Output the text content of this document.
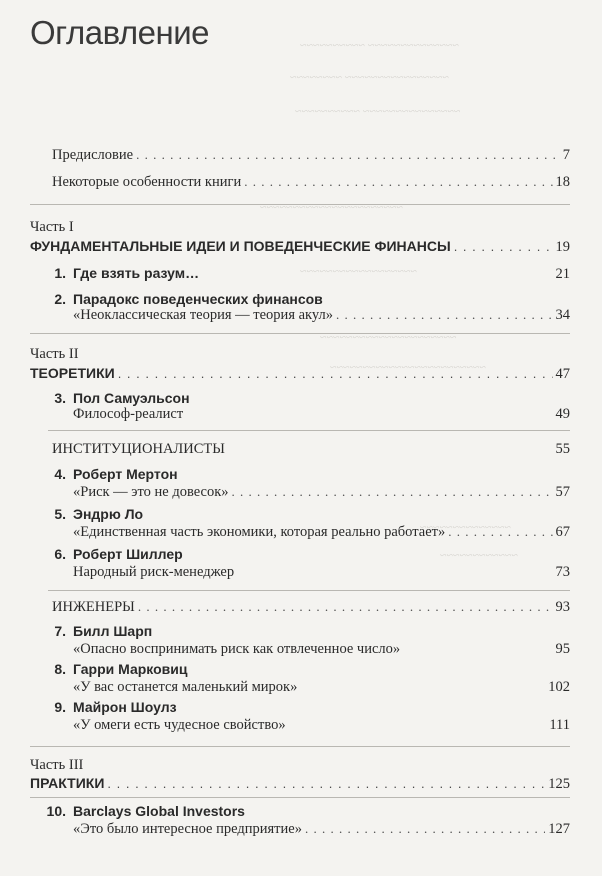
~~~~~~~~~~~~~~ ~~~~~~~~~~
~~~~~~~~~~~~~~~~ ~~~~~~~~
~~~~~~~~~~~~~~~ ~~~~~~~~~~
~~~~~~~~~~~~~~~~~~~~~~
~~~~~~~~~~~~~~~~~~
~~~~~~~~~~~~~~~~~~~~~
~~~~~~~~~~~~~~~~~~~~~~~~
~~~~~~~~~~~~~~
~~~~~~~~~~~~
Оглавление
Предисловие . . .	7
Некоторые особенности книги . . .	18
Часть I
ФУНДАМЕНТАЛЬНЫЕ ИДЕИ И ПОВЕДЕНЧЕСКИЕ ФИНАНСЫ . . .	19
1. Где взять разум…	21
2. Парадокс поведенческих финансов
«Неоклассическая теория — теория акул» . . .	34
Часть II
ТЕОРЕТИКИ . . .	47
3. Пол Самуэльсон
Философ-реалист	49
ИНСТИТУЦИОНАЛИСТЫ	55
4. Роберт Мертон
«Риск — это не довесок» . . .	57
5. Эндрю Ло
«Единственная часть экономики, которая реально работает» . . .	67
6. Роберт Шиллер
Народный риск-менеджер	73
ИНЖЕНЕРЫ . . .	93
7. Билл Шарп
«Опасно воспринимать риск как отвлеченное число»	95
8. Гарри Марковиц
«У вас останется маленький мирок»	102
9. Майрон Шоулз
«У омеги есть чудесное свойство»	111
Часть III
ПРАКТИКИ . . .	125
10. Barclays Global Investors
«Это было интересное предприятие» . . .	127
